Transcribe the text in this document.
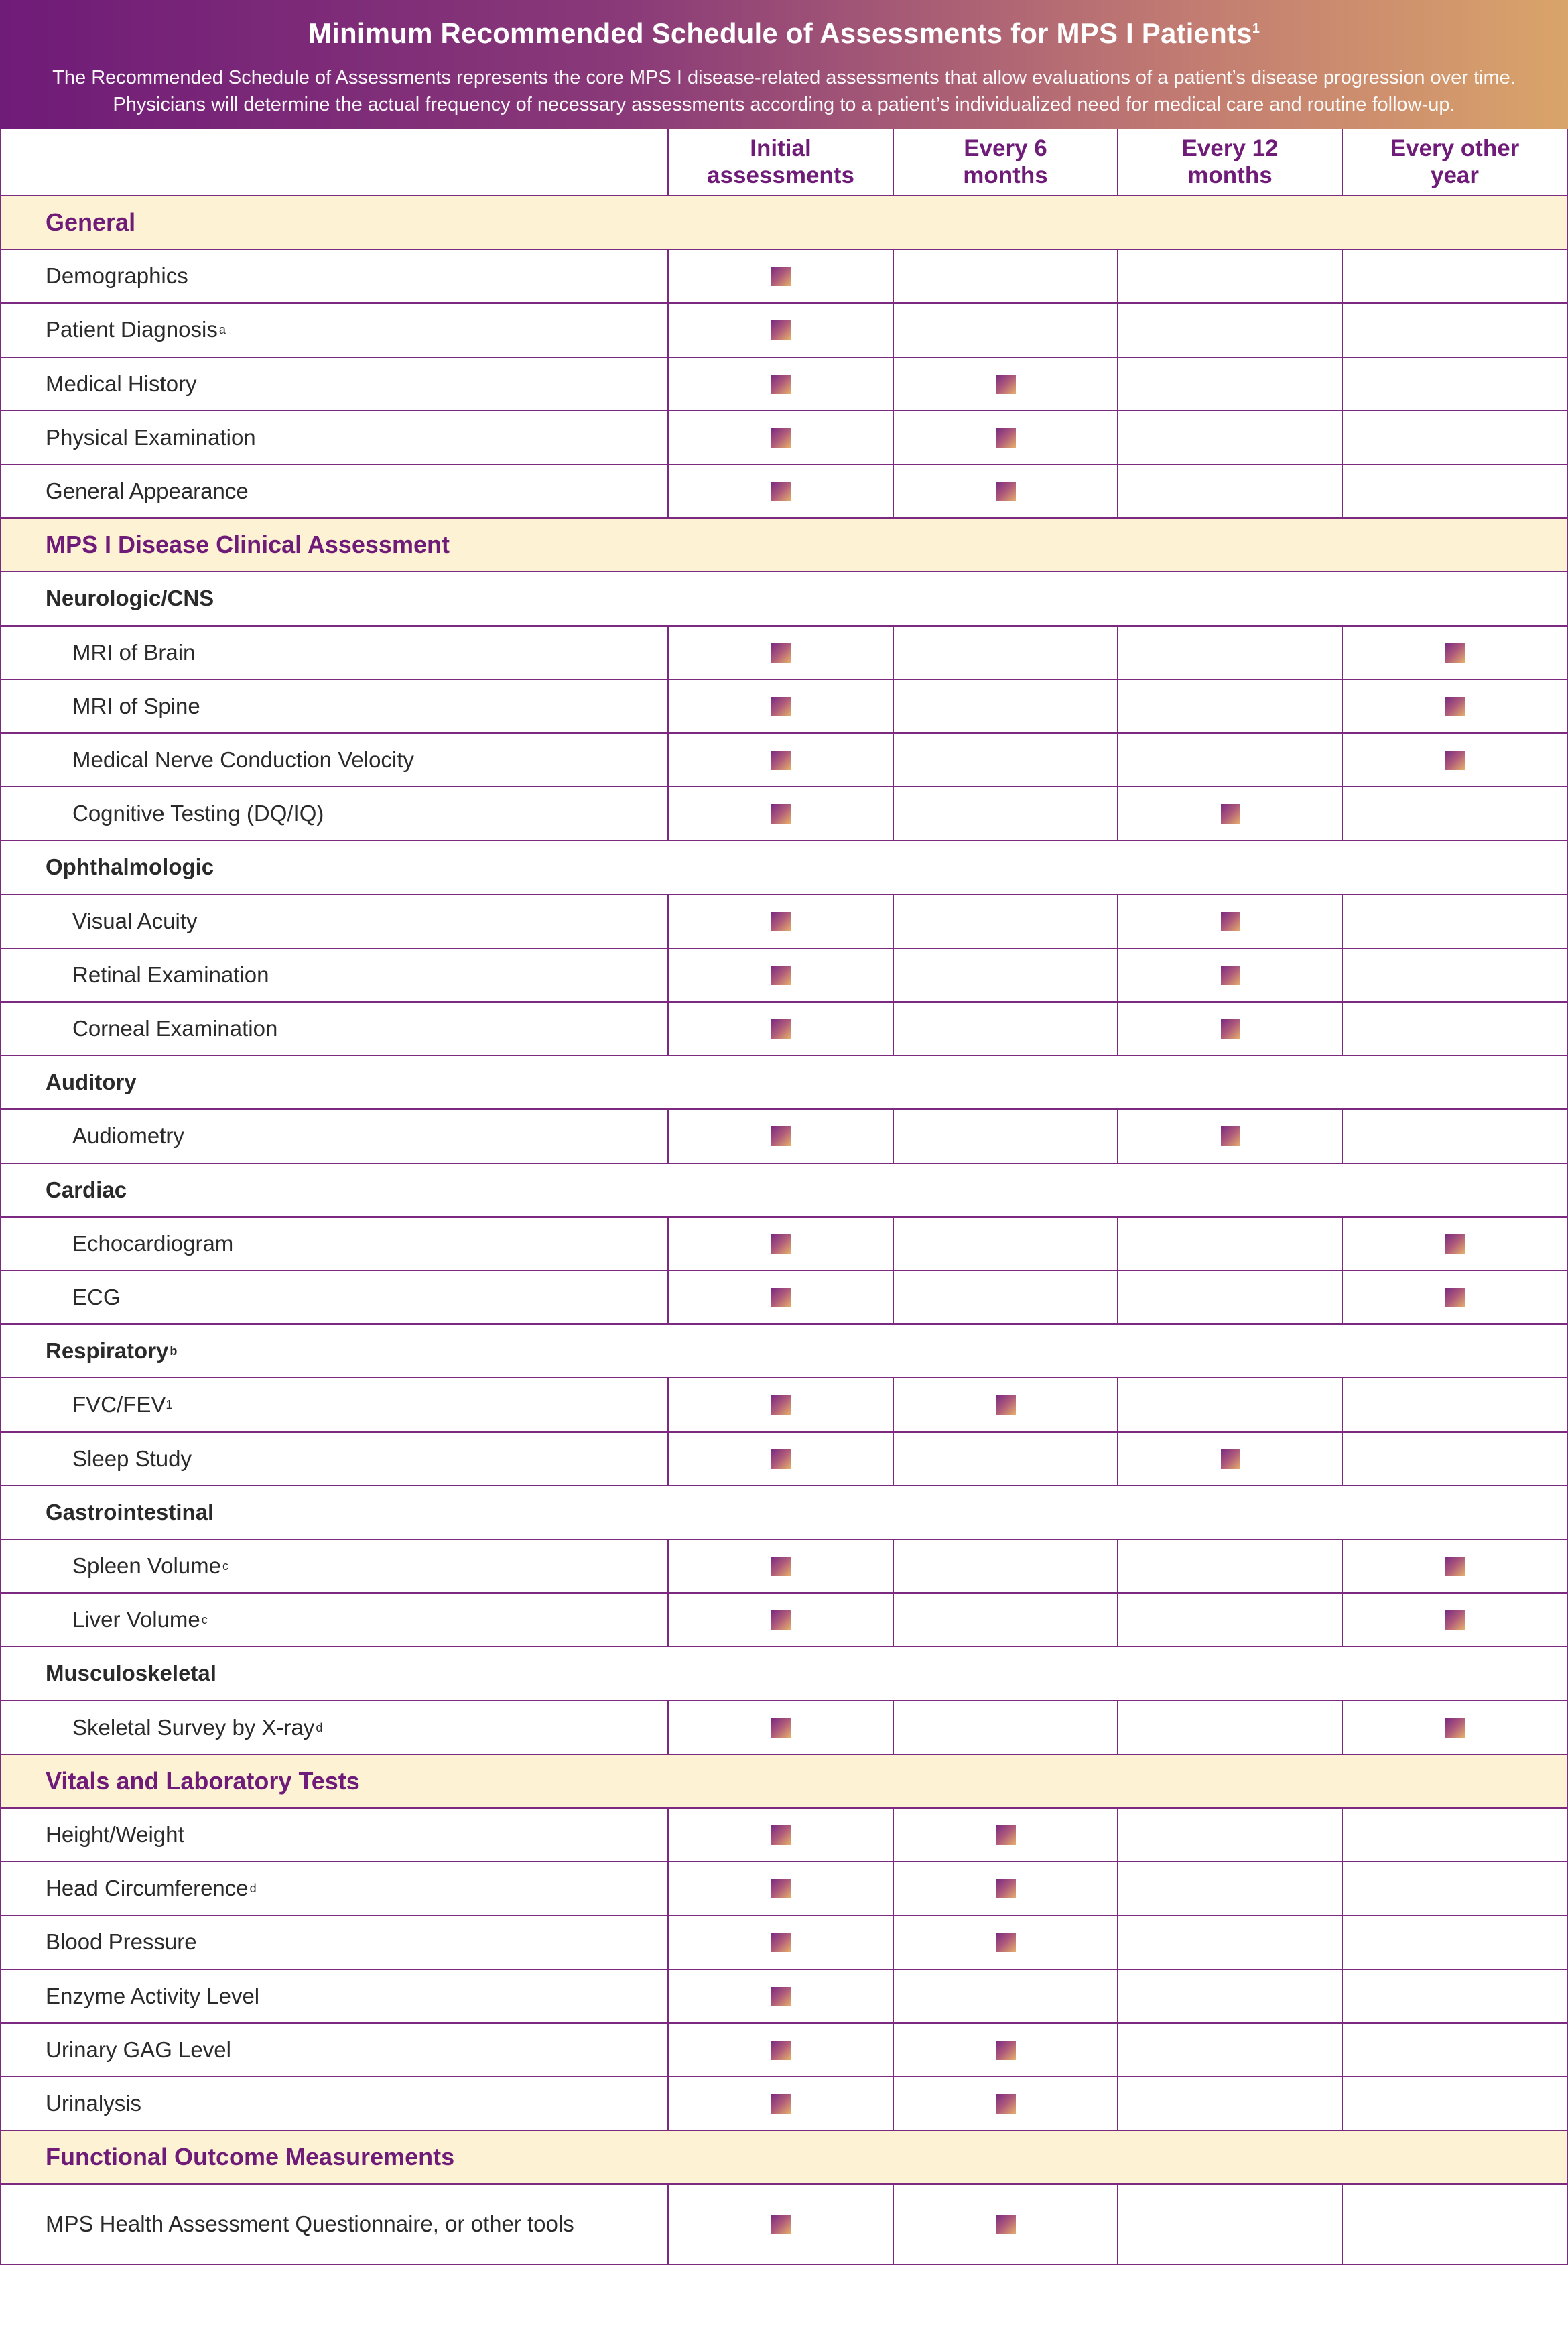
Minimum Recommended Schedule of Assessments for MPS I Patients$^1$
The Recommended Schedule of Assessments represents the core MPS I disease-related assessments that allow evaluations of a patient’s disease progression over time.
Physicians will determine the actual frequency of necessary assessments according to a patient’s individualized need for medical care and routine follow-up.
Initial
assessments
Every 6
months
Every 12
months
Every other
year
General
Demographics
Patient Diagnosis a
Medical History
Physical Examination
General Appearance
MPS I Disease Clinical Assessment
Neurologic/CNS
MRI of Brain
MRI of Spine
Medical Nerve Conduction Velocity
Cognitive Testing (DQ/IQ)
Ophthalmologic
Visual Acuity
Retinal Examination
Corneal Examination
Auditory
Audiometry
Cardiac
Echocardiogram
ECG
Respiratory b
FVC/FEV 1
Sleep Study
Gastrointestinal
Spleen Volume c
Liver Volume c
Musculoskeletal
Skeletal Survey by X-ray d
Vitals and Laboratory Tests
Height/Weight
Head Circumference d
Blood Pressure
Enzyme Activity Level
Urinary GAG Level
Urinalysis
Functional Outcome Measurements
MPS Health Assessment Questionnaire, or other tools
